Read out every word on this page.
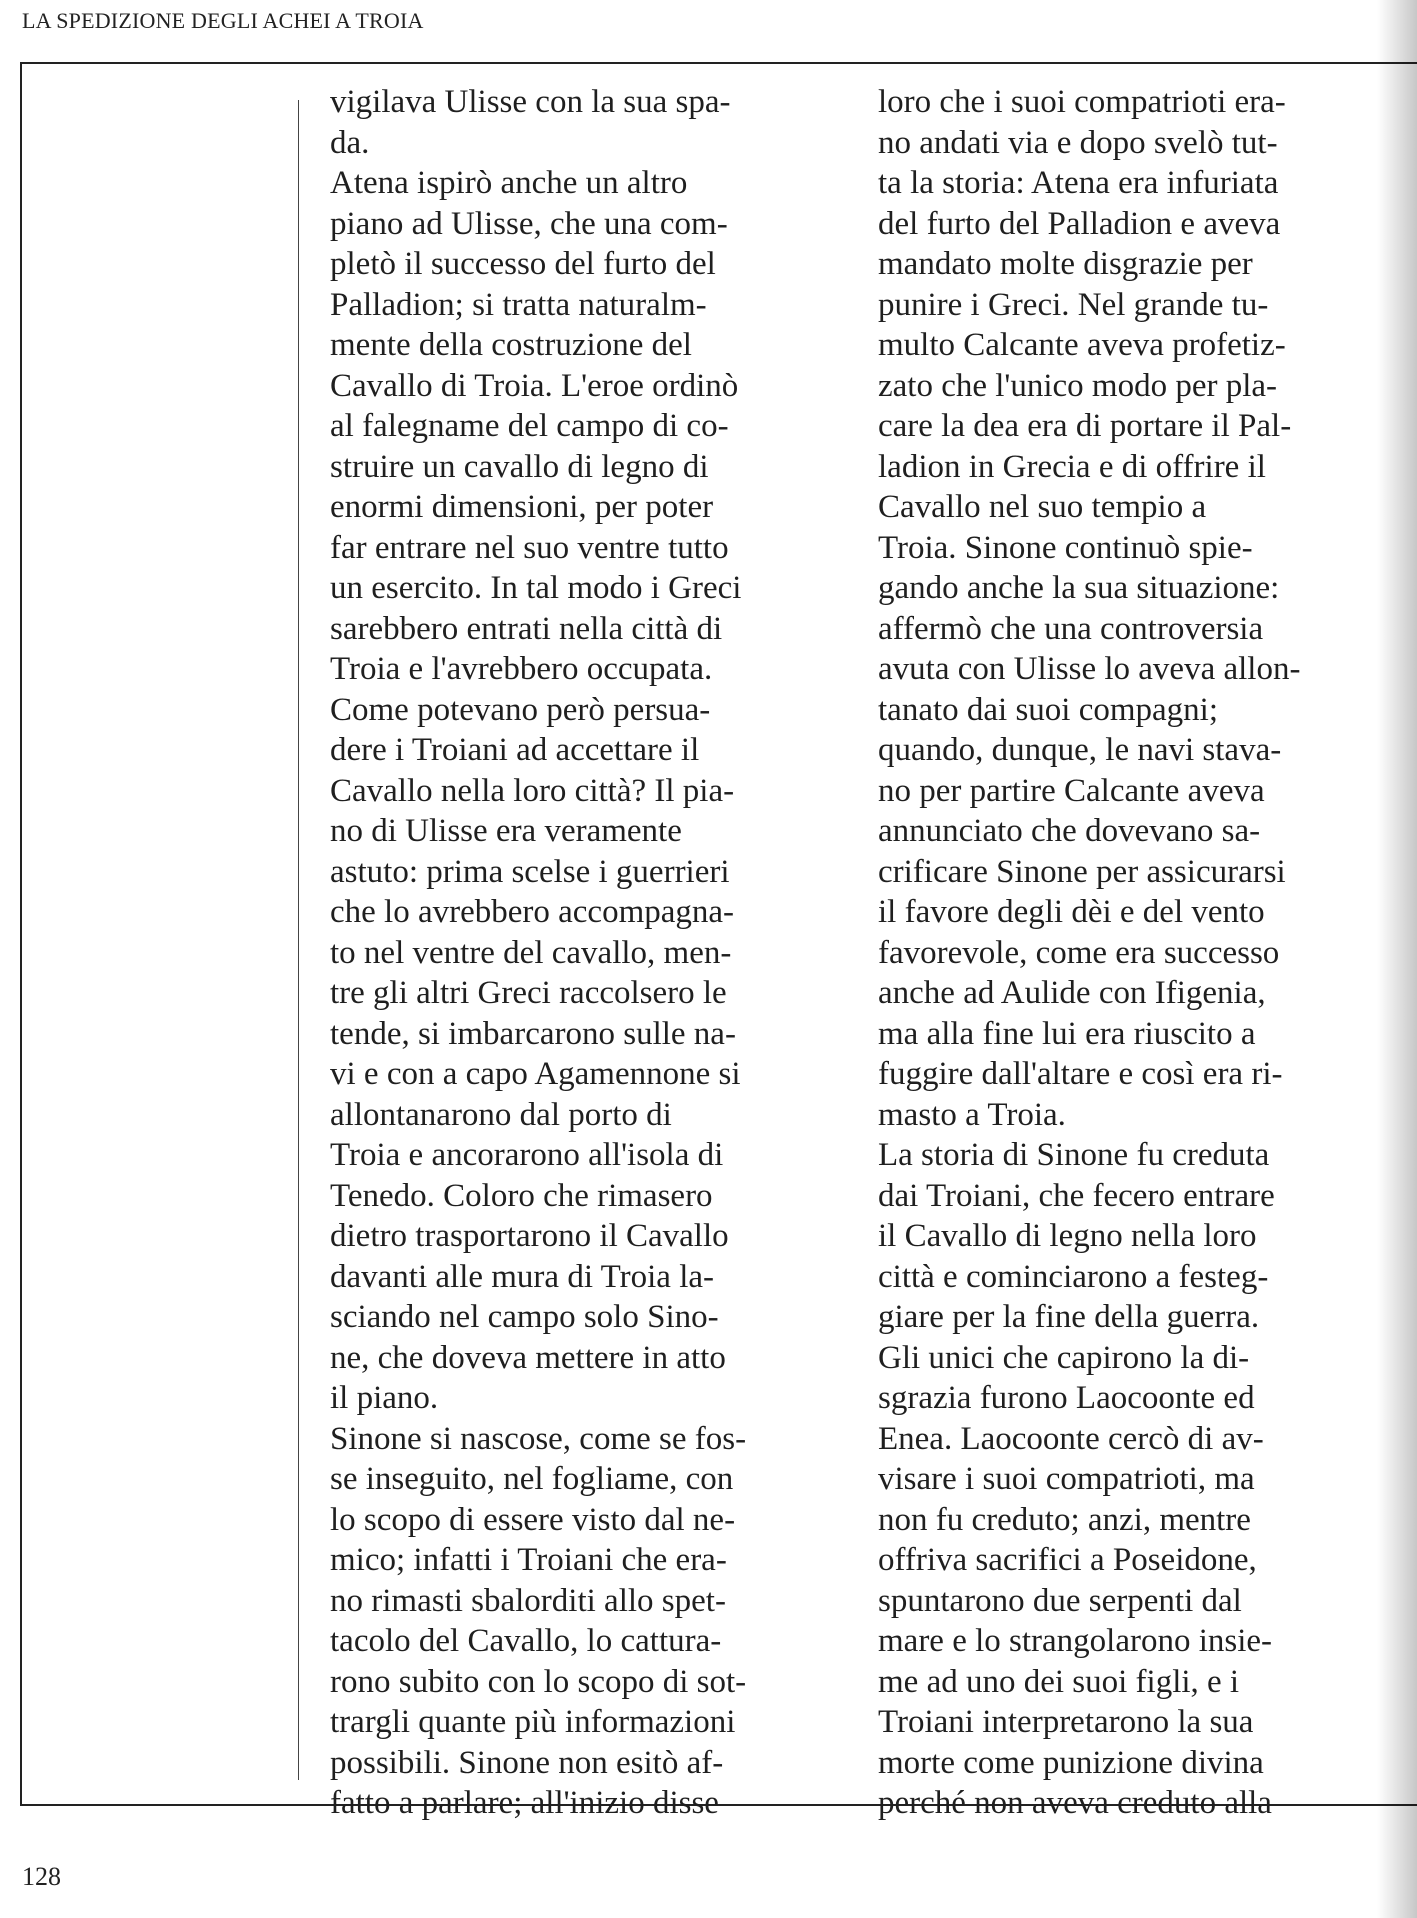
LA SPEDIZIONE DEGLI ACHEI A TROIA
vigilava Ulisse con la sua spa-
da.
Atena ispirò anche un altro
piano ad Ulisse, che una com-
pletò il successo del furto del
Palladion; si tratta naturalm-
mente della costruzione del
Cavallo di Troia. L'eroe ordinò
al falegname del campo di co-
struire un cavallo di legno di
enormi dimensioni, per poter
far entrare nel suo ventre tutto
un esercito. In tal modo i Greci
sarebbero entrati nella città di
Troia e l'avrebbero occupata.
Come potevano però persua-
dere i Troiani ad accettare il
Cavallo nella loro città? Il pia-
no di Ulisse era veramente
astuto: prima scelse i guerrieri
che lo avrebbero accompagna-
to nel ventre del cavallo, men-
tre gli altri Greci raccolsero le
tende, si imbarcarono sulle na-
vi e con a capo Agamennone si
allontanarono dal porto di
Troia e ancorarono all'isola di
Tenedo. Coloro che rimasero
dietro trasportarono il Cavallo
davanti alle mura di Troia la-
sciando nel campo solo Sino-
ne, che doveva mettere in atto
il piano.
Sinone si nascose, come se fos-
se inseguito, nel fogliame, con
lo scopo di essere visto dal ne-
mico; infatti i Troiani che era-
no rimasti sbalorditi allo spet-
tacolo del Cavallo, lo cattura-
rono subito con lo scopo di sot-
trargli quante più informazioni
possibili. Sinone non esitò af-
fatto a parlare; all'inizio disse
loro che i suoi compatrioti era-
no andati via e dopo svelò tut-
ta la storia: Atena era infuriata
del furto del Palladion e aveva
mandato molte disgrazie per
punire i Greci. Nel grande tu-
multo Calcante aveva profetiz-
zato che l'unico modo per pla-
care la dea era di portare il Pal-
ladion in Grecia e di offrire il
Cavallo nel suo tempio a
Troia. Sinone continuò spie-
gando anche la sua situazione:
affermò che una controversia
avuta con Ulisse lo aveva allon-
tanato dai suoi compagni;
quando, dunque, le navi stava-
no per partire Calcante aveva
annunciato che dovevano sa-
crificare Sinone per assicurarsi
il favore degli dèi e del vento
favorevole, come era successo
anche ad Aulide con Ifigenia,
ma alla fine lui era riuscito a
fuggire dall'altare e così era ri-
masto a Troia.
La storia di Sinone fu creduta
dai Troiani, che fecero entrare
il Cavallo di legno nella loro
città e cominciarono a festeg-
giare per la fine della guerra.
Gli unici che capirono la di-
sgrazia furono Laocoonte ed
Enea. Laocoonte cercò di av-
visare i suoi compatrioti, ma
non fu creduto; anzi, mentre
offriva sacrifici a Poseidone,
spuntarono due serpenti dal
mare e lo strangolarono insie-
me ad uno dei suoi figli, e i
Troiani interpretarono la sua
morte come punizione divina
perché non aveva creduto alla
128
